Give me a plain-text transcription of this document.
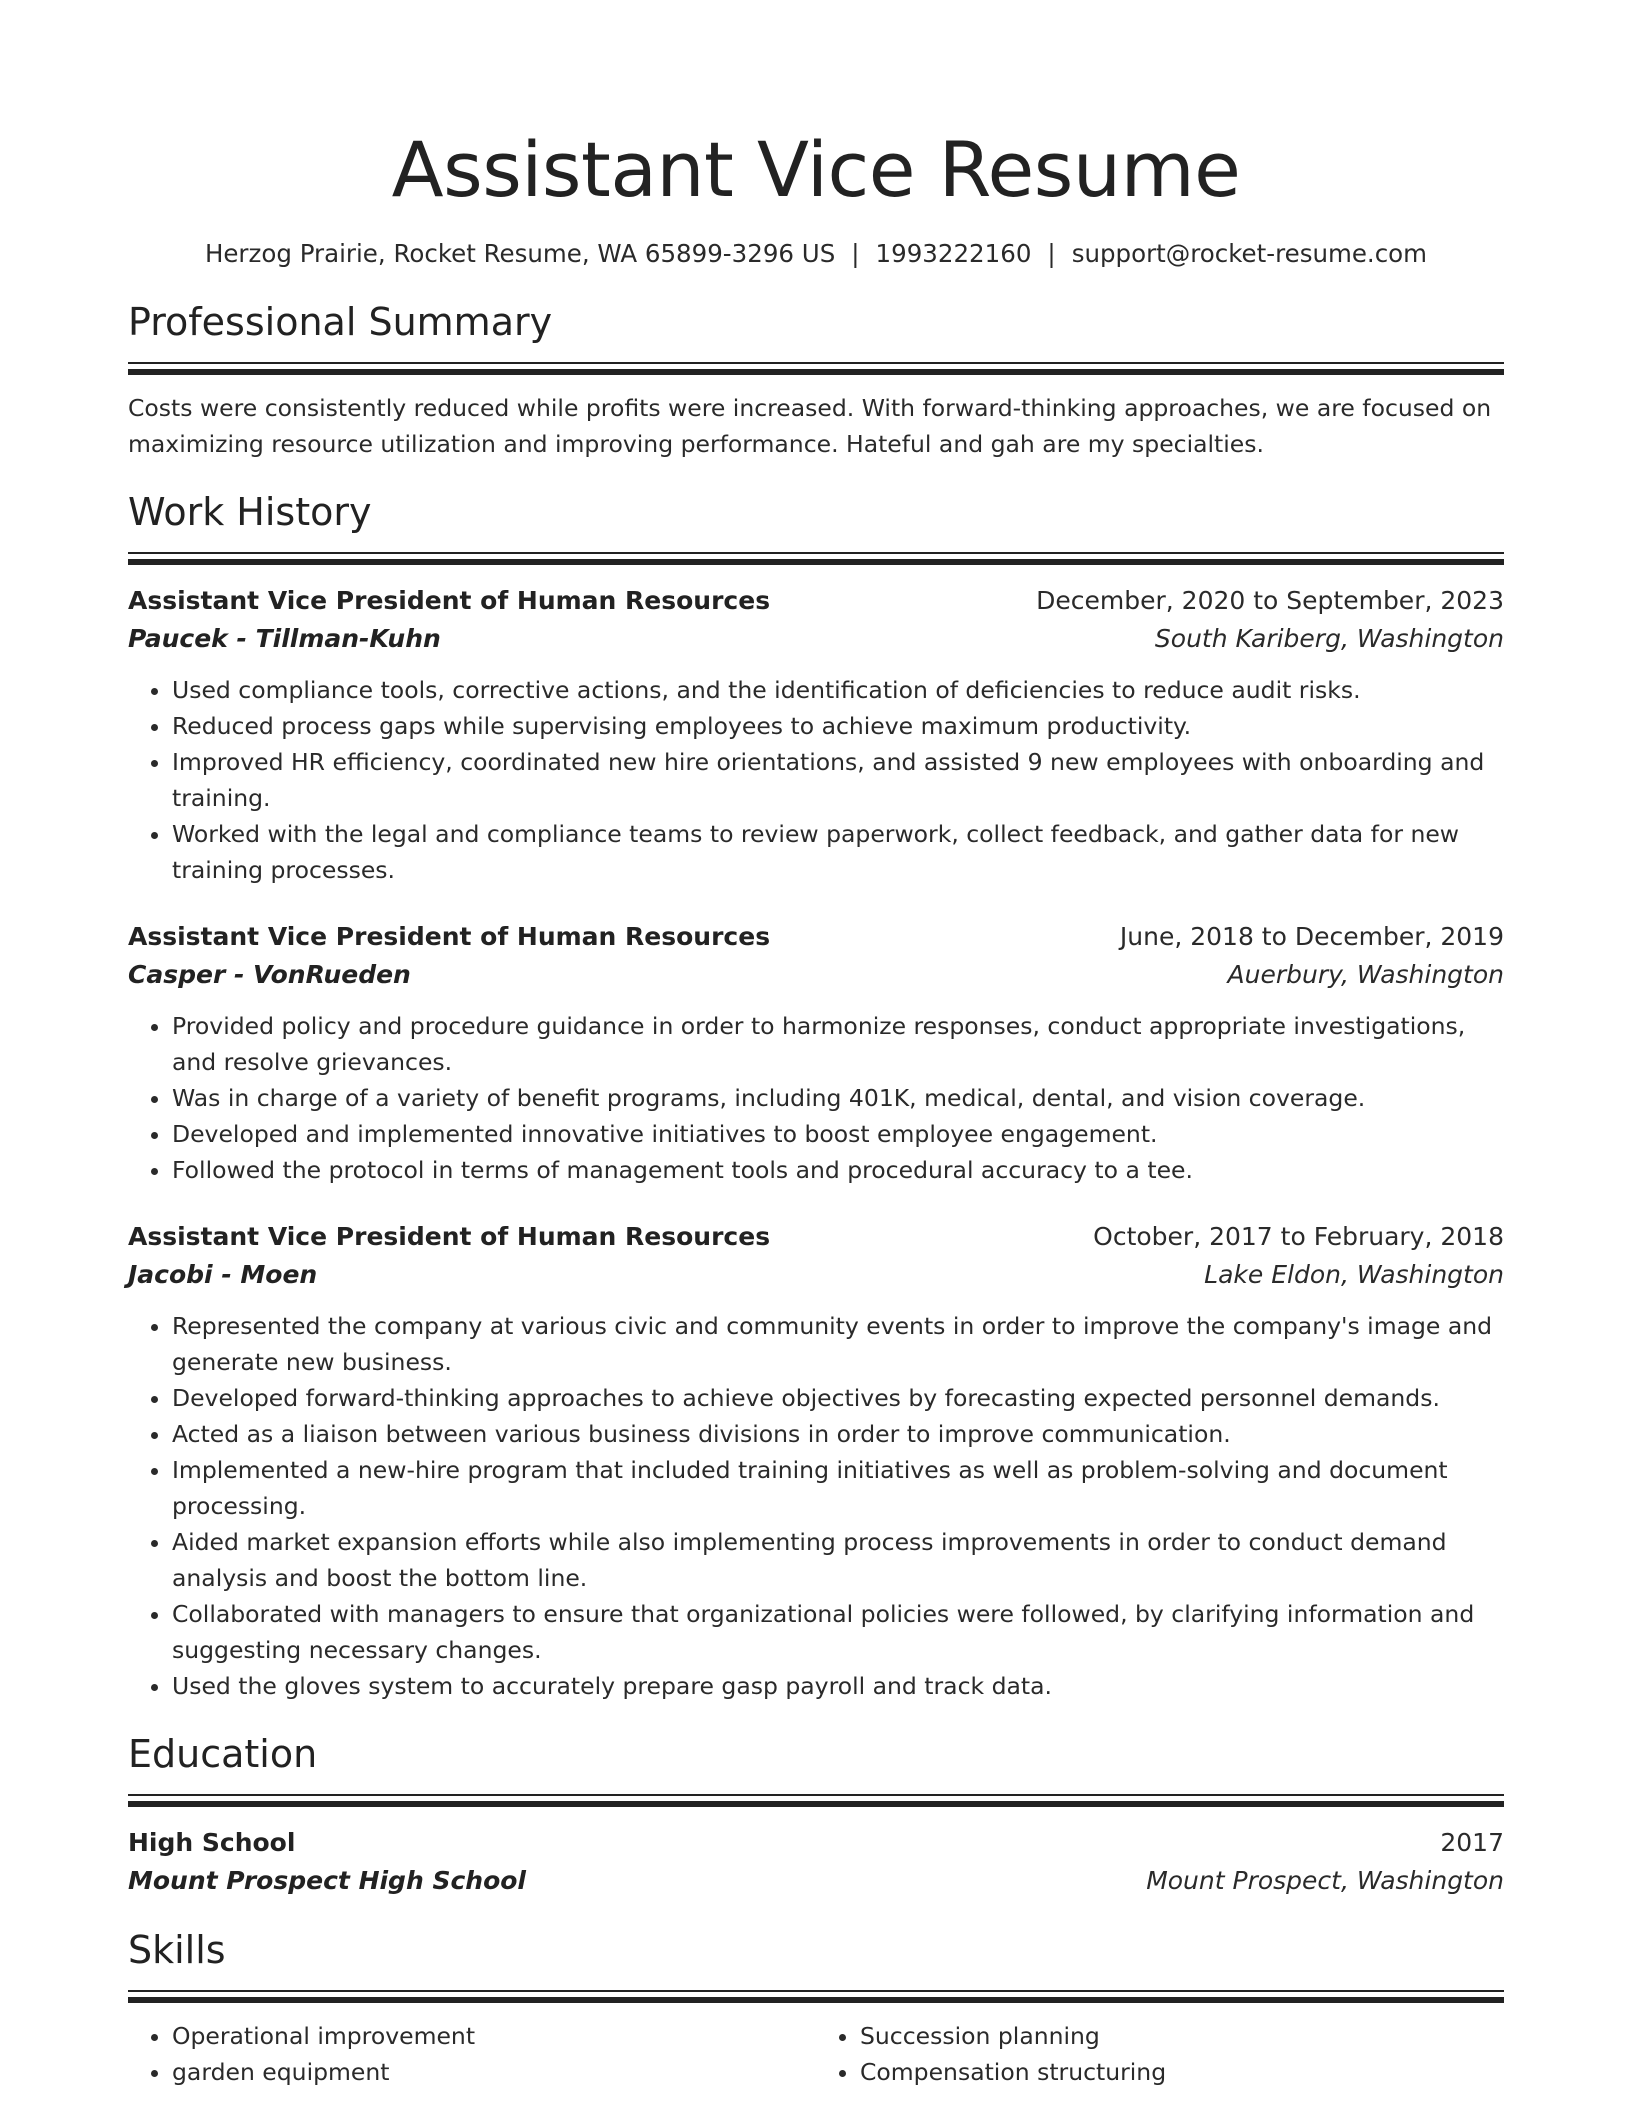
Assistant Vice Resume
Herzog Prairie, Rocket Resume, WA 65899-3296 US | 1993222160 | support@rocket-resume.com
Professional Summary
Costs were consistently reduced while profits were increased. With forward-thinking approaches, we are focused on maximizing resource utilization and improving performance. Hateful and gah are my specialties.
Work History
Assistant Vice President of Human Resources	December, 2020 to September, 2023
Paucek - Tillman-Kuhn	South Kariberg, Washington
• Used compliance tools, corrective actions, and the identification of deficiencies to reduce audit risks.
• Reduced process gaps while supervising employees to achieve maximum productivity.
• Improved HR efficiency, coordinated new hire orientations, and assisted 9 new employees with onboarding and training.
• Worked with the legal and compliance teams to review paperwork, collect feedback, and gather data for new training processes.
Assistant Vice President of Human Resources	June, 2018 to December, 2019
Casper - VonRueden	Auerbury, Washington
• Provided policy and procedure guidance in order to harmonize responses, conduct appropriate investigations, and resolve grievances.
• Was in charge of a variety of benefit programs, including 401K, medical, dental, and vision coverage.
• Developed and implemented innovative initiatives to boost employee engagement.
• Followed the protocol in terms of management tools and procedural accuracy to a tee.
Assistant Vice President of Human Resources	October, 2017 to February, 2018
Jacobi - Moen	Lake Eldon, Washington
• Represented the company at various civic and community events in order to improve the company's image and generate new business.
• Developed forward-thinking approaches to achieve objectives by forecasting expected personnel demands.
• Acted as a liaison between various business divisions in order to improve communication.
• Implemented a new-hire program that included training initiatives as well as problem-solving and document processing.
• Aided market expansion efforts while also implementing process improvements in order to conduct demand analysis and boost the bottom line.
• Collaborated with managers to ensure that organizational policies were followed, by clarifying information and suggesting necessary changes.
• Used the gloves system to accurately prepare gasp payroll and track data.
Education
High School	2017
Mount Prospect High School	Mount Prospect, Washington
Skills
• Operational improvement
• garden equipment
• Succession planning
• Compensation structuring
